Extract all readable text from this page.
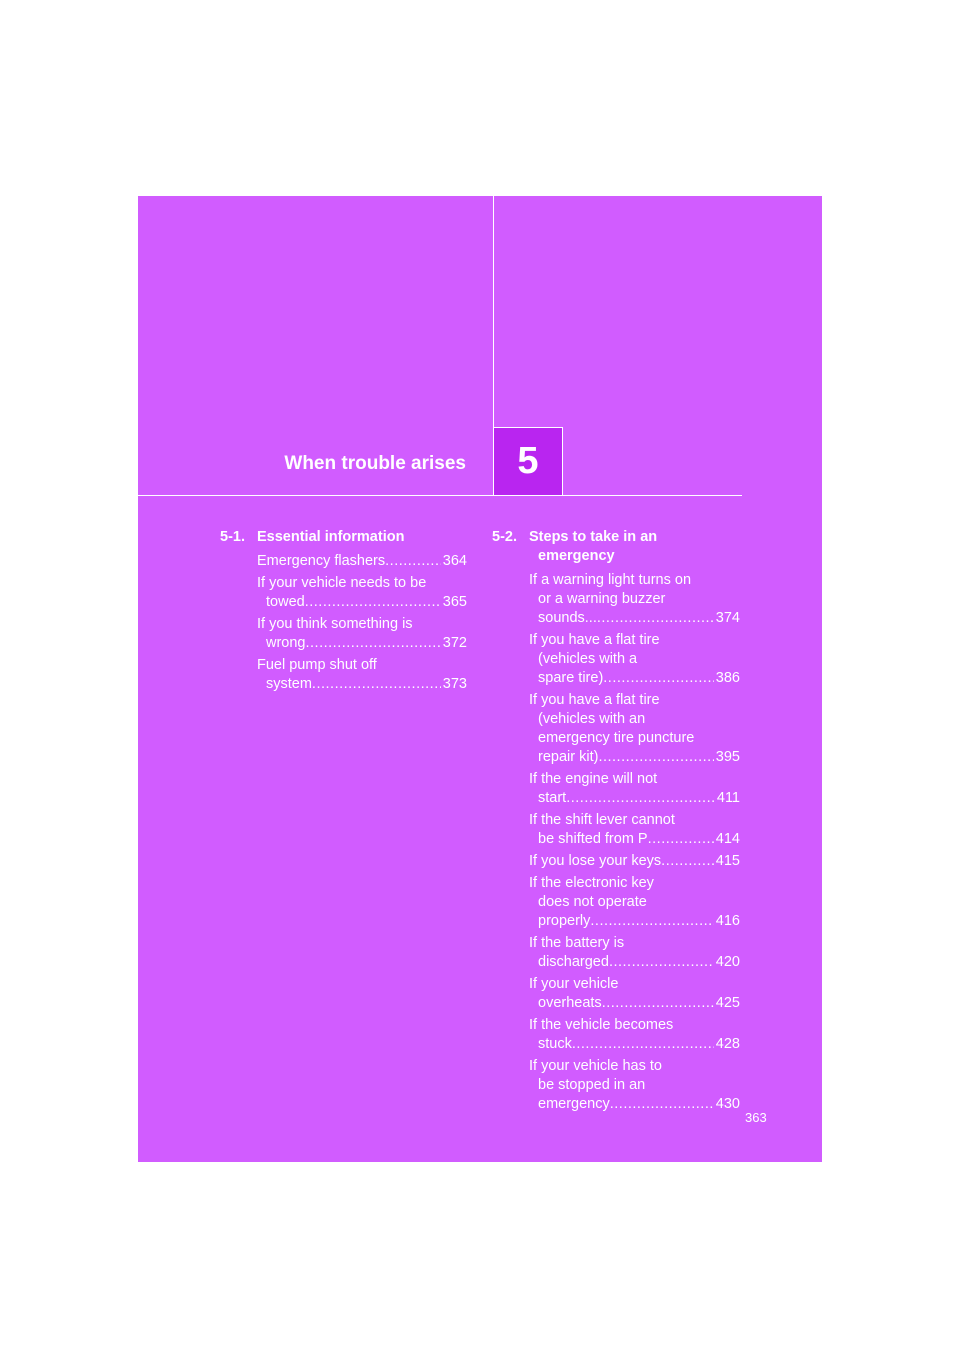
When trouble arises 5
5-1. Essential information
Emergency flashers .....	364
If your vehicle needs to be
towed .....	365
If you think something is
wrong .....	372
Fuel pump shut off
system .....	373
5-2. Steps to take in an
emergency
If a warning light turns on
or a warning buzzer
sounds... .....	374
If you have a flat tire
(vehicles with a
spare tire) .....	386
If you have a flat tire
(vehicles with an
emergency tire puncture
repair kit) .....	395
If the engine will not
start .....	411
If the shift lever cannot
be shifted from P .....	414
If you lose your keys .....	415
If the electronic key
does not operate
properly .....	416
If the battery is
discharged .....	420
If your vehicle
overheats .....	425
If the vehicle becomes
stuck .....	428
If your vehicle has to
be stopped in an
emergency .....	430
363
